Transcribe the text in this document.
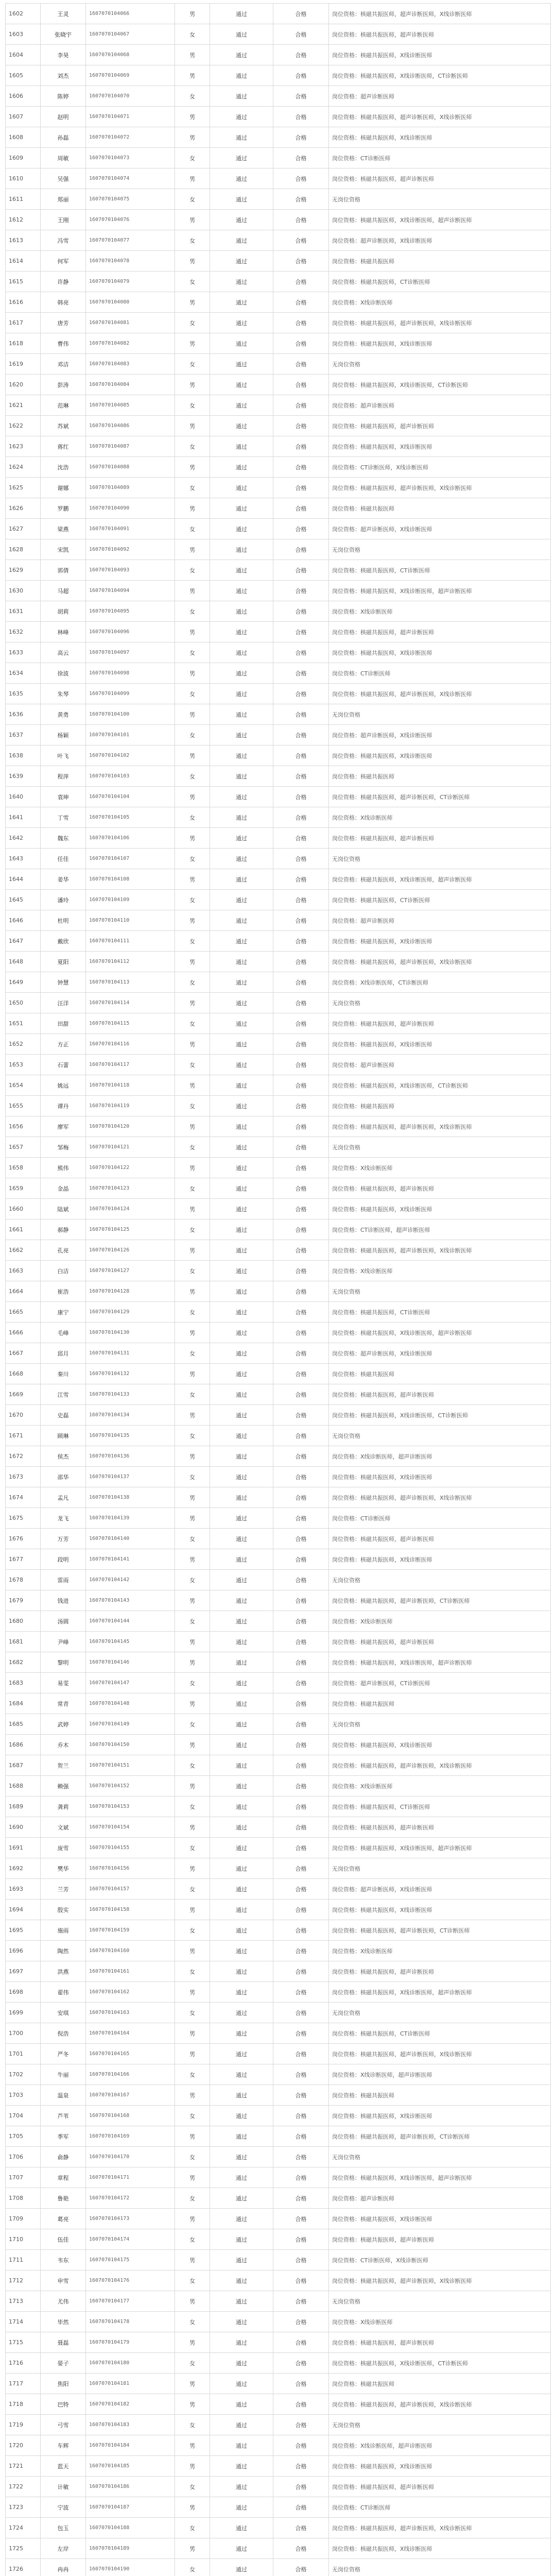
1602	王灵	1607070104066	男	通过	合格	岗位资格：核磁共振医师，超声诊断医师，X线诊断医师
1603	张晓宇	1607070104067	女	通过	合格	岗位资格：核磁共振医师，超声诊断医师
1604	李昊	1607070104068	男	通过	合格	岗位资格：核磁共振医师，X线诊断医师
1605	刘杰	1607070104069	男	通过	合格	岗位资格：核磁共振医师，X线诊断医师，CT诊断医师
1606	陈婷	1607070104070	女	通过	合格	岗位资格：超声诊断医师
1607	赵明	1607070104071	男	通过	合格	岗位资格：核磁共振医师，超声诊断医师，X线诊断医师
1608	孙磊	1607070104072	男	通过	合格	岗位资格：核磁共振医师，X线诊断医师
1609	周敏	1607070104073	女	通过	合格	岗位资格：CT诊断医师
1610	吴强	1607070104074	男	通过	合格	岗位资格：核磁共振医师，超声诊断医师
1611	郑丽	1607070104075	女	通过	合格	无岗位资格
1612	王刚	1607070104076	男	通过	合格	岗位资格：核磁共振医师，X线诊断医师，超声诊断医师
1613	冯雪	1607070104077	女	通过	合格	岗位资格：超声诊断医师，X线诊断医师
1614	何军	1607070104078	男	通过	合格	岗位资格：核磁共振医师
1615	许静	1607070104079	女	通过	合格	岗位资格：核磁共振医师，CT诊断医师
1616	韩亮	1607070104080	男	通过	合格	岗位资格：X线诊断医师
1617	唐芳	1607070104081	女	通过	合格	岗位资格：核磁共振医师，超声诊断医师，X线诊断医师
1618	曹伟	1607070104082	男	通过	合格	岗位资格：核磁共振医师，X线诊断医师
1619	邓洁	1607070104083	女	通过	合格	无岗位资格
1620	彭涛	1607070104084	男	通过	合格	岗位资格：核磁共振医师，X线诊断医师，CT诊断医师
1621	范琳	1607070104085	女	通过	合格	岗位资格：超声诊断医师
1622	苏斌	1607070104086	男	通过	合格	岗位资格：核磁共振医师，超声诊断医师
1623	蒋红	1607070104087	女	通过	合格	岗位资格：核磁共振医师，X线诊断医师
1624	沈浩	1607070104088	男	通过	合格	岗位资格：CT诊断医师，X线诊断医师
1625	谢娜	1607070104089	女	通过	合格	岗位资格：核磁共振医师，超声诊断医师，X线诊断医师
1626	罗鹏	1607070104090	男	通过	合格	岗位资格：核磁共振医师
1627	梁燕	1607070104091	女	通过	合格	岗位资格：超声诊断医师，X线诊断医师
1628	宋凯	1607070104092	男	通过	合格	无岗位资格
1629	郭倩	1607070104093	女	通过	合格	岗位资格：核磁共振医师，CT诊断医师
1630	马超	1607070104094	男	通过	合格	岗位资格：核磁共振医师，X线诊断医师，超声诊断医师
1631	胡莉	1607070104095	女	通过	合格	岗位资格：X线诊断医师
1632	林峰	1607070104096	男	通过	合格	岗位资格：核磁共振医师，超声诊断医师
1633	高云	1607070104097	女	通过	合格	岗位资格：核磁共振医师，X线诊断医师
1634	徐波	1607070104098	男	通过	合格	岗位资格：CT诊断医师
1635	朱琴	1607070104099	女	通过	合格	岗位资格：核磁共振医师，超声诊断医师，X线诊断医师
1636	黄勇	1607070104100	男	通过	合格	无岗位资格
1637	杨颖	1607070104101	女	通过	合格	岗位资格：超声诊断医师，X线诊断医师
1638	叶飞	1607070104102	男	通过	合格	岗位资格：核磁共振医师，X线诊断医师
1639	程萍	1607070104103	女	通过	合格	岗位资格：核磁共振医师
1640	袁坤	1607070104104	男	通过	合格	岗位资格：核磁共振医师，超声诊断医师，CT诊断医师
1641	丁雪	1607070104105	女	通过	合格	岗位资格：X线诊断医师
1642	魏东	1607070104106	男	通过	合格	岗位资格：核磁共振医师，超声诊断医师
1643	任佳	1607070104107	女	通过	合格	无岗位资格
1644	姜华	1607070104108	男	通过	合格	岗位资格：核磁共振医师，X线诊断医师，超声诊断医师
1645	潘玲	1607070104109	女	通过	合格	岗位资格：核磁共振医师，CT诊断医师
1646	杜明	1607070104110	男	通过	合格	岗位资格：超声诊断医师
1647	戴欣	1607070104111	女	通过	合格	岗位资格：核磁共振医师，X线诊断医师
1648	夏阳	1607070104112	男	通过	合格	岗位资格：核磁共振医师，超声诊断医师，X线诊断医师
1649	钟慧	1607070104113	女	通过	合格	岗位资格：X线诊断医师，CT诊断医师
1650	汪洋	1607070104114	男	通过	合格	无岗位资格
1651	田甜	1607070104115	女	通过	合格	岗位资格：核磁共振医师，超声诊断医师
1652	方正	1607070104116	男	通过	合格	岗位资格：核磁共振医师，X线诊断医师
1653	石蕾	1607070104117	女	通过	合格	岗位资格：超声诊断医师
1654	姚远	1607070104118	男	通过	合格	岗位资格：核磁共振医师，X线诊断医师，CT诊断医师
1655	谭丹	1607070104119	女	通过	合格	岗位资格：核磁共振医师
1656	廖军	1607070104120	男	通过	合格	岗位资格：核磁共振医师，超声诊断医师，X线诊断医师
1657	邹梅	1607070104121	女	通过	合格	无岗位资格
1658	熊伟	1607070104122	男	通过	合格	岗位资格：X线诊断医师
1659	金晶	1607070104123	女	通过	合格	岗位资格：核磁共振医师，超声诊断医师
1660	陆斌	1607070104124	男	通过	合格	岗位资格：核磁共振医师，X线诊断医师
1661	郝静	1607070104125	女	通过	合格	岗位资格：CT诊断医师，超声诊断医师
1662	孔亮	1607070104126	男	通过	合格	岗位资格：核磁共振医师，超声诊断医师，X线诊断医师
1663	白洁	1607070104127	女	通过	合格	岗位资格：X线诊断医师
1664	崔浩	1607070104128	男	通过	合格	无岗位资格
1665	康宁	1607070104129	女	通过	合格	岗位资格：核磁共振医师，CT诊断医师
1666	毛峰	1607070104130	男	通过	合格	岗位资格：核磁共振医师，X线诊断医师，超声诊断医师
1667	邱月	1607070104131	女	通过	合格	岗位资格：超声诊断医师，X线诊断医师
1668	秦川	1607070104132	男	通过	合格	岗位资格：核磁共振医师
1669	江雪	1607070104133	女	通过	合格	岗位资格：核磁共振医师，超声诊断医师
1670	史磊	1607070104134	男	通过	合格	岗位资格：核磁共振医师，X线诊断医师，CT诊断医师
1671	顾琳	1607070104135	女	通过	合格	无岗位资格
1672	侯杰	1607070104136	男	通过	合格	岗位资格：X线诊断医师，超声诊断医师
1673	邵华	1607070104137	女	通过	合格	岗位资格：核磁共振医师，X线诊断医师
1674	孟凡	1607070104138	男	通过	合格	岗位资格：核磁共振医师，超声诊断医师，X线诊断医师
1675	龙飞	1607070104139	男	通过	合格	岗位资格：CT诊断医师
1676	万芳	1607070104140	女	通过	合格	岗位资格：核磁共振医师，超声诊断医师
1677	段明	1607070104141	男	通过	合格	岗位资格：核磁共振医师，X线诊断医师
1678	雷雨	1607070104142	女	通过	合格	无岗位资格
1679	钱进	1607070104143	男	通过	合格	岗位资格：核磁共振医师，超声诊断医师，CT诊断医师
1680	汤圆	1607070104144	女	通过	合格	岗位资格：X线诊断医师
1681	尹峰	1607070104145	男	通过	合格	岗位资格：核磁共振医师，超声诊断医师
1682	黎明	1607070104146	男	通过	合格	岗位资格：核磁共振医师，X线诊断医师，超声诊断医师
1683	易雯	1607070104147	女	通过	合格	岗位资格：超声诊断医师，CT诊断医师
1684	常青	1607070104148	男	通过	合格	岗位资格：核磁共振医师
1685	武婷	1607070104149	女	通过	合格	无岗位资格
1686	乔木	1607070104150	男	通过	合格	岗位资格：核磁共振医师，X线诊断医师
1687	贺兰	1607070104151	女	通过	合格	岗位资格：核磁共振医师，超声诊断医师，X线诊断医师
1688	赖强	1607070104152	男	通过	合格	岗位资格：X线诊断医师
1689	龚莉	1607070104153	女	通过	合格	岗位资格：核磁共振医师，CT诊断医师
1690	文斌	1607070104154	男	通过	合格	岗位资格：核磁共振医师，超声诊断医师
1691	庞雪	1607070104155	女	通过	合格	岗位资格：核磁共振医师，X线诊断医师，超声诊断医师
1692	樊华	1607070104156	男	通过	合格	无岗位资格
1693	兰芳	1607070104157	女	通过	合格	岗位资格：超声诊断医师，X线诊断医师
1694	殷实	1607070104158	男	通过	合格	岗位资格：核磁共振医师，X线诊断医师
1695	施雨	1607070104159	女	通过	合格	岗位资格：核磁共振医师，超声诊断医师，CT诊断医师
1696	陶然	1607070104160	男	通过	合格	岗位资格：X线诊断医师
1697	洪燕	1607070104161	女	通过	合格	岗位资格：核磁共振医师，超声诊断医师
1698	翟伟	1607070104162	男	通过	合格	岗位资格：核磁共振医师，X线诊断医师，超声诊断医师
1699	安琪	1607070104163	女	通过	合格	无岗位资格
1700	倪浩	1607070104164	男	通过	合格	岗位资格：核磁共振医师，CT诊断医师
1701	严冬	1607070104165	男	通过	合格	岗位资格：核磁共振医师，超声诊断医师，X线诊断医师
1702	牛丽	1607070104166	女	通过	合格	岗位资格：X线诊断医师，超声诊断医师
1703	温泉	1607070104167	男	通过	合格	岗位资格：核磁共振医师
1704	芦苇	1607070104168	女	通过	合格	岗位资格：核磁共振医师，X线诊断医师
1705	季军	1607070104169	男	通过	合格	岗位资格：核磁共振医师，超声诊断医师，CT诊断医师
1706	俞静	1607070104170	女	通过	合格	无岗位资格
1707	章程	1607070104171	男	通过	合格	岗位资格：核磁共振医师，X线诊断医师，超声诊断医师
1708	鲁艳	1607070104172	女	通过	合格	岗位资格：超声诊断医师
1709	葛亮	1607070104173	男	通过	合格	岗位资格：核磁共振医师，X线诊断医师
1710	伍佳	1607070104174	女	通过	合格	岗位资格：核磁共振医师，超声诊断医师
1711	韦东	1607070104175	男	通过	合格	岗位资格：CT诊断医师，X线诊断医师
1712	申雪	1607070104176	女	通过	合格	岗位资格：核磁共振医师，超声诊断医师，X线诊断医师
1713	尤伟	1607070104177	男	通过	合格	无岗位资格
1714	毕然	1607070104178	女	通过	合格	岗位资格：X线诊断医师
1715	聂磊	1607070104179	男	通过	合格	岗位资格：核磁共振医师，超声诊断医师
1716	晏子	1607070104180	女	通过	合格	岗位资格：核磁共振医师，X线诊断医师，CT诊断医师
1717	焦阳	1607070104181	男	通过	合格	岗位资格：核磁共振医师
1718	巴特	1607070104182	男	通过	合格	岗位资格：核磁共振医师，超声诊断医师，X线诊断医师
1719	弓雪	1607070104183	女	通过	合格	无岗位资格
1720	车辉	1607070104184	男	通过	合格	岗位资格：X线诊断医师，超声诊断医师
1721	蓝天	1607070104185	男	通过	合格	岗位资格：核磁共振医师，X线诊断医师
1722	计敏	1607070104186	女	通过	合格	岗位资格：核磁共振医师，超声诊断医师
1723	宁波	1607070104187	男	通过	合格	岗位资格：CT诊断医师
1724	包玉	1607070104188	女	通过	合格	岗位资格：核磁共振医师，超声诊断医师，X线诊断医师
1725	左岸	1607070104189	男	通过	合格	岗位资格：核磁共振医师，X线诊断医师
1726	冉冉	1607070104190	女	通过	合格	无岗位资格
